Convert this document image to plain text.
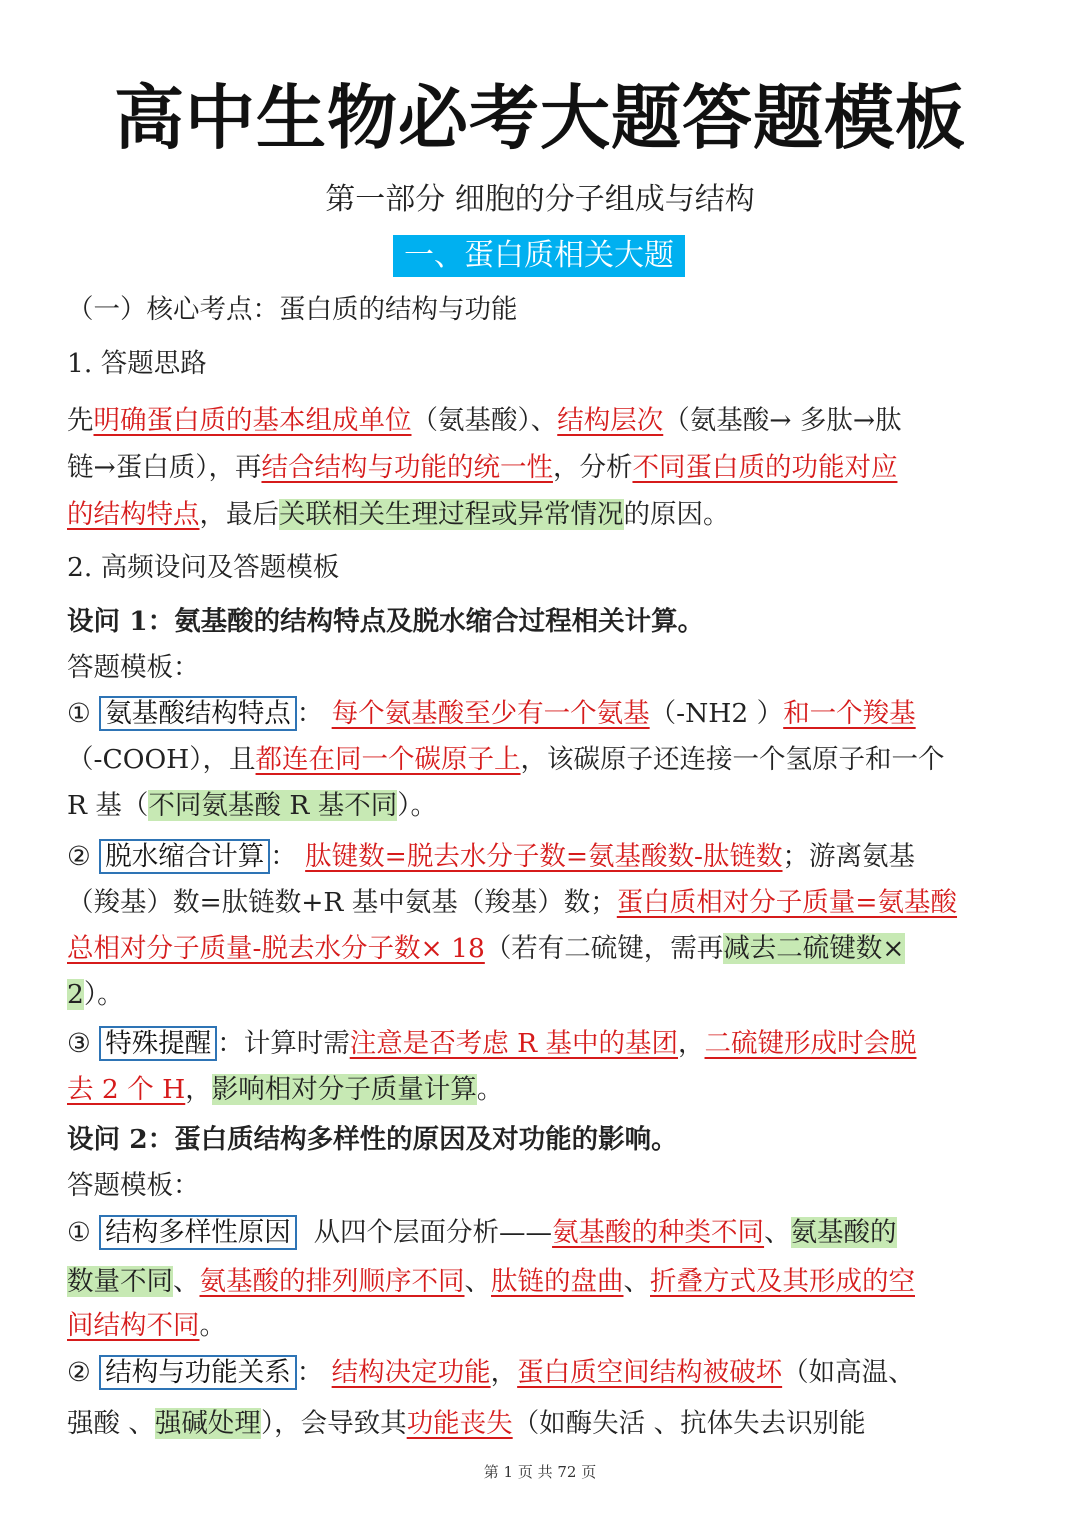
高中生物必考大题答题模板
第一部分 细胞的分子组成与结构
一、蛋白质相关大题
（一）核心考点：蛋白质的结构与功能
1. 答题思路
先明确蛋白质的基本组成单位（氨基酸）、结构层次（氨基酸→ 多肽→肽
链→蛋白质），再结合结构与功能的统一性，分析不同蛋白质的功能对应
的结构特点，最后关联相关生理过程或异常情况的原因。
2. 高频设问及答题模板
设问 1：氨基酸的结构特点及脱水缩合过程相关计算。
答题模板：
① 氨基酸结构特点 ： 每个氨基酸至少有一个氨基（-NH2 ）和一个羧基
（-COOH），且都连在同一个碳原子上，该碳原子还连接一个氢原子和一个
R 基（不同氨基酸 R 基不同）。
② 脱水缩合计算 ： 肽键数=脱去水分子数=氨基酸数-肽链数；游离氨基
（羧基）数=肽链数+R 基中氨基（羧基）数；蛋白质相对分子质量=氨基酸
总相对分子质量-脱去水分子数× 18（若有二硫键，需再减去二硫键数×
2）。
③ 特殊提醒 ：计算时需注意是否考虑 R 基中的基团，二硫键形成时会脱
去 2 个 H，影响相对分子质量计算。
设问 2：蛋白质结构多样性的原因及对功能的影响。
答题模板：
① 结构多样性原因 从四个层面分析——氨基酸的种类不同、氨基酸的
数量不同、氨基酸的排列顺序不同、肽链的盘曲、折叠方式及其形成的空
间结构不同。
② 结构与功能关系 ： 结构决定功能，蛋白质空间结构被破坏（如高温、
强酸 、强碱处理），会导致其功能丧失（如酶失活 、抗体失去识别能
第 1 页 共 72 页
